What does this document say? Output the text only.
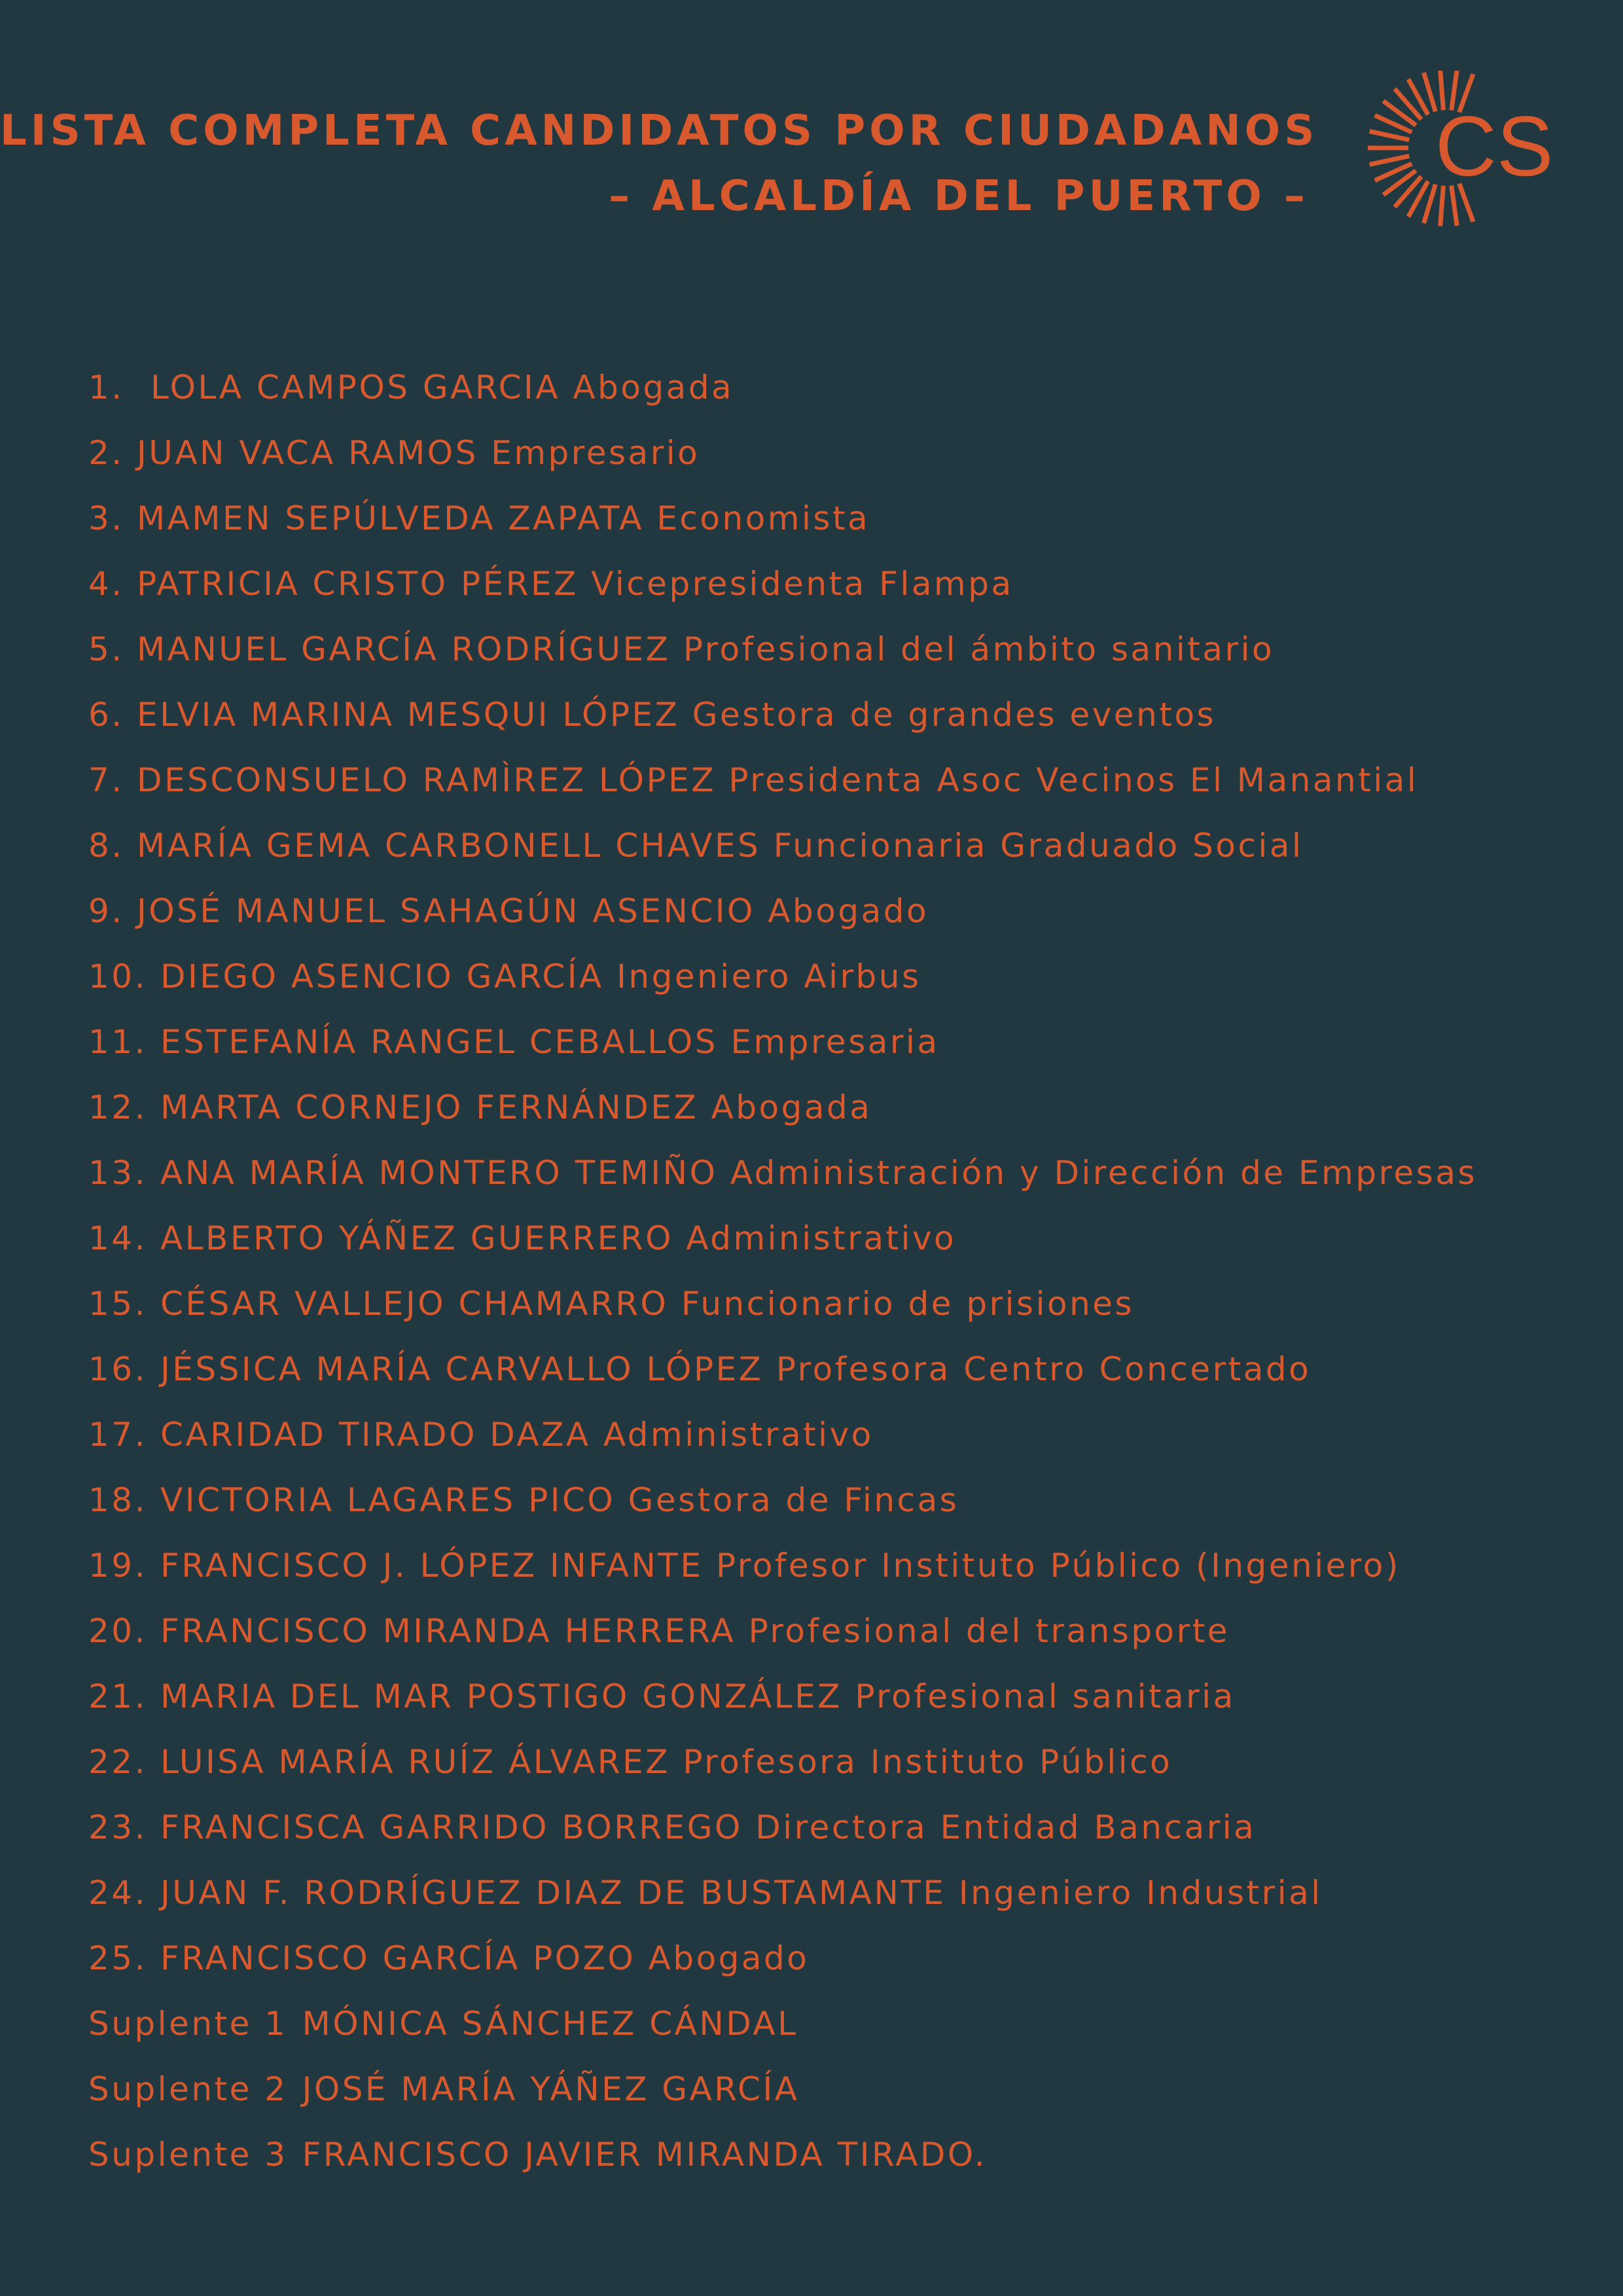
LISTA COMPLETA CANDIDATOS POR CIUDADANOS
– ALCALDÍA DEL PUERTO –
CS
1. LOLA CAMPOS GARCIA Abogada
2. JUAN VACA RAMOS Empresario
3. MAMEN SEPÚLVEDA ZAPATA Economista
4. PATRICIA CRISTO PÉREZ Vicepresidenta Flampa
5. MANUEL GARCÍA RODRÍGUEZ Profesional del ámbito sanitario
6. ELVIA MARINA MESQUI LÓPEZ Gestora de grandes eventos
7. DESCONSUELO RAMÌREZ LÓPEZ Presidenta Asoc Vecinos El Manantial
8. MARÍA GEMA CARBONELL CHAVES Funcionaria Graduado Social
9. JOSÉ MANUEL SAHAGÚN ASENCIO Abogado
10. DIEGO ASENCIO GARCÍA Ingeniero Airbus
11. ESTEFANÍA RANGEL CEBALLOS Empresaria
12. MARTA CORNEJO FERNÁNDEZ Abogada
13. ANA MARÍA MONTERO TEMIÑO Administración y Dirección de Empresas
14. ALBERTO YÁÑEZ GUERRERO Administrativo
15. CÉSAR VALLEJO CHAMARRO Funcionario de prisiones
16. JÉSSICA MARÍA CARVALLO LÓPEZ Profesora Centro Concertado
17. CARIDAD TIRADO DAZA Administrativo
18. VICTORIA LAGARES PICO Gestora de Fincas
19. FRANCISCO J. LÓPEZ INFANTE Profesor Instituto Público (Ingeniero)
20. FRANCISCO MIRANDA HERRERA Profesional del transporte
21. MARIA DEL MAR POSTIGO GONZÁLEZ Profesional sanitaria
22. LUISA MARÍA RUÍZ ÁLVAREZ Profesora Instituto Público
23. FRANCISCA GARRIDO BORREGO Directora Entidad Bancaria
24. JUAN F. RODRÍGUEZ DIAZ DE BUSTAMANTE Ingeniero Industrial
25. FRANCISCO GARCÍA POZO Abogado
Suplente 1 MÓNICA SÁNCHEZ CÁNDAL
Suplente 2 JOSÉ MARÍA YÁÑEZ GARCÍA
Suplente 3 FRANCISCO JAVIER MIRANDA TIRADO.
